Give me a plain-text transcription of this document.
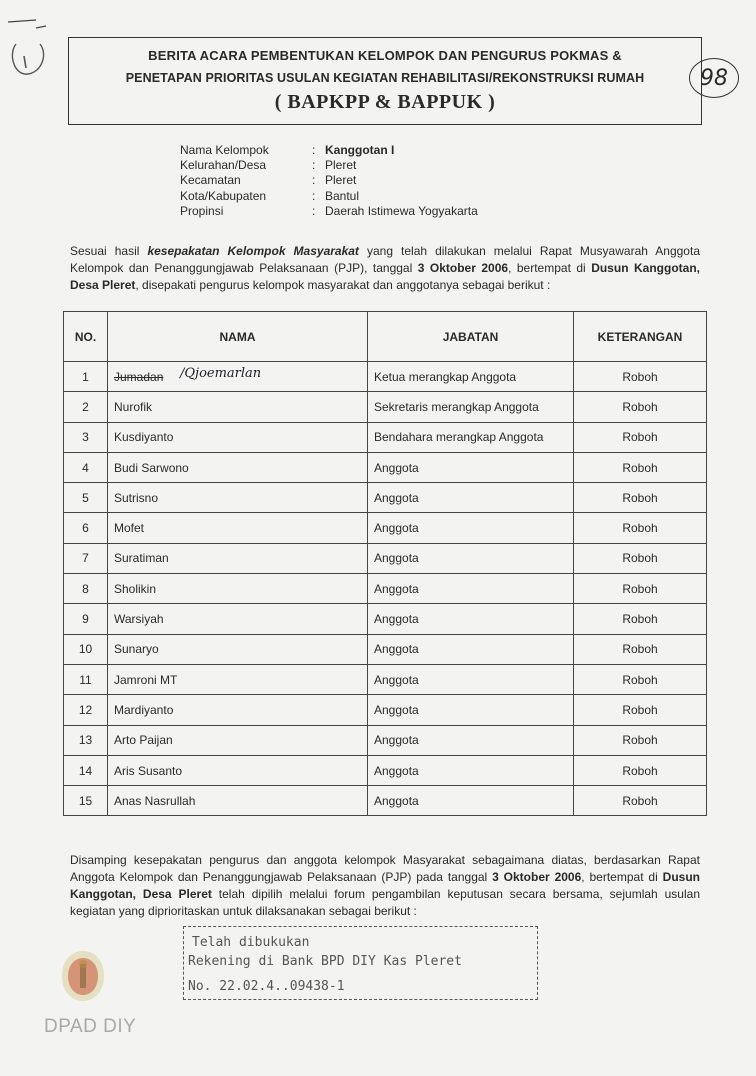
BERITA ACARA PEMBENTUKAN KELOMPOK DAN PENGURUS POKMAS &
PENETAPAN PRIORITAS USULAN KEGIATAN REHABILITASI/REKONSTRUKSI RUMAH
( BAPKPP & BAPPUK )
98
Nama Kelompok	: Kanggotan I
Kelurahan/Desa	: Pleret
Kecamatan	: Pleret
Kota/Kabupaten	: Bantul
Propinsi	: Daerah Istimewa Yogyakarta
Sesuai hasil kesepakatan Kelompok Masyarakat yang telah dilakukan melalui Rapat Musyawarah Anggota Kelompok dan Penanggungjawab Pelaksanaan (PJP), tanggal 3 Oktober 2006, bertempat di Dusun Kanggotan, Desa Pleret, disepakati pengurus kelompok masyarakat dan anggotanya sebagai berikut :
NO.	NAMA	JABATAN	KETERANGAN
1	Jumadan /Qjoemarlan	Ketua merangkap Anggota	Roboh
2	Nurofik	Sekretaris merangkap Anggota	Roboh
3	Kusdiyanto	Bendahara merangkap Anggota	Roboh
4	Budi Sarwono	Anggota	Roboh
5	Sutrisno	Anggota	Roboh
6	Mofet	Anggota	Roboh
7	Suratiman	Anggota	Roboh
8	Sholikin	Anggota	Roboh
9	Warsiyah	Anggota	Roboh
10	Sunaryo	Anggota	Roboh
11	Jamroni MT	Anggota	Roboh
12	Mardiyanto	Anggota	Roboh
13	Arto Paijan	Anggota	Roboh
14	Aris Susanto	Anggota	Roboh
15	Anas Nasrullah	Anggota	Roboh
Disamping kesepakatan pengurus dan anggota kelompok Masyarakat sebagaimana diatas, berdasarkan Rapat Anggota Kelompok dan Penanggungjawab Pelaksanaan (PJP) pada tanggal 3 Oktober 2006, bertempat di Dusun Kanggotan, Desa Pleret telah dipilih melalui forum pengambilan keputusan secara bersama, sejumlah usulan kegiatan yang diprioritaskan untuk dilaksanakan sebagai berikut :
Telah dibukukan
Rekening di Bank BPD DIY Kas Pleret
No. 22.02.4..09438-1
DPAD DIY
